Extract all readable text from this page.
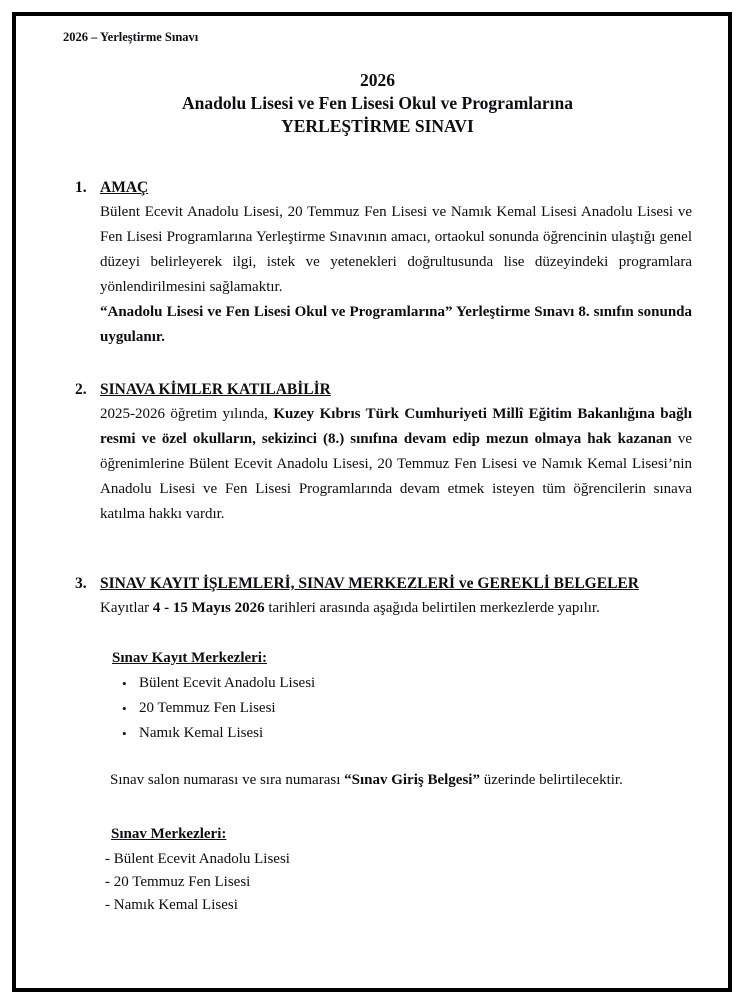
2026 – Yerleştirme Sınavı
2026
Anadolu Lisesi ve Fen Lisesi Okul ve Programlarına
YERLEŞTİRME SINAVI
1. AMAÇ

Bülent Ecevit Anadolu Lisesi, 20 Temmuz Fen Lisesi ve Namık Kemal Lisesi Anadolu Lisesi ve Fen Lisesi Programlarına Yerleştirme Sınavının amacı, ortaokul sonunda öğrencinin ulaştığı genel düzeyi belirleyerek ilgi, istek ve yetenekleri doğrultusunda lise düzeyindeki programlara yönlendirilmesini sağlamaktır.

“Anadolu Lisesi ve Fen Lisesi Okul ve Programlarına” Yerleştirme Sınavı 8. sınıfın sonunda uygulanır.

2. SINAVA KİMLER KATILABİLİR

2025-2026 öğretim yılında, Kuzey Kıbrıs Türk Cumhuriyeti Millî Eğitim Bakanlığına bağlı resmi ve özel okulların, sekizinci (8.) sınıfına devam edip mezun olmaya hak kazanan ve öğrenimlerine Bülent Ecevit Anadolu Lisesi, 20 Temmuz Fen Lisesi ve Namık Kemal Lisesi’nin Anadolu Lisesi ve Fen Lisesi Programlarında devam etmek isteyen tüm öğrencilerin sınava katılma hakkı vardır.

3. SINAV KAYIT İŞLEMLERİ, SINAV MERKEZLERİ ve GEREKLİ BELGELER

Kayıtlar 4 - 15 Mayıs 2026 tarihleri arasında aşağıda belirtilen merkezlerde yapılır.

Sınav Kayıt Merkezleri:
• Bülent Ecevit Anadolu Lisesi
• 20 Temmuz Fen Lisesi
• Namık Kemal Lisesi

Sınav salon numarası ve sıra numarası “Sınav Giriş Belgesi” üzerinde belirtilecektir.

Sınav Merkezleri:
- Bülent Ecevit Anadolu Lisesi
- 20 Temmuz Fen Lisesi
- Namık Kemal Lisesi
